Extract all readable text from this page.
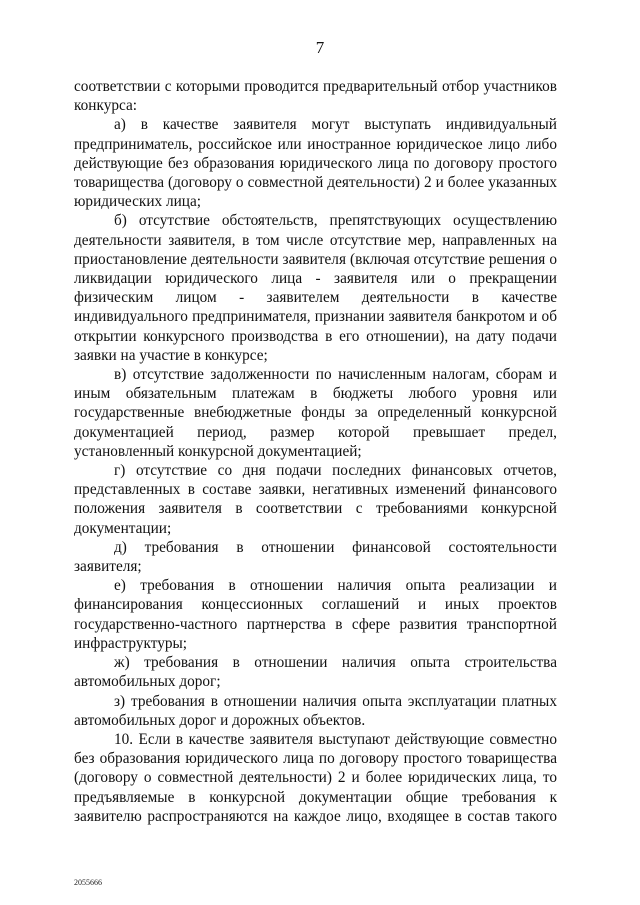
7

соответствии с которыми проводится предварительный отбор участников конкурса:

а) в качестве заявителя могут выступать индивидуальный предприниматель, российское или иностранное юридическое лицо либо действующие без образования юридического лица по договору простого товарищества (договору о совместной деятельности) 2 и более указанных юридических лица;

б) отсутствие обстоятельств, препятствующих осуществлению деятельности заявителя, в том числе отсутствие мер, направленных на приостановление деятельности заявителя (включая отсутствие решения о ликвидации юридического лица - заявителя или о прекращении физическим лицом - заявителем деятельности в качестве индивидуального предпринимателя, признании заявителя банкротом и об открытии конкурсного производства в его отношении), на дату подачи заявки на участие в конкурсе;

в) отсутствие задолженности по начисленным налогам, сборам и иным обязательным платежам в бюджеты любого уровня или государственные внебюджетные фонды за определенный конкурсной документацией период, размер которой превышает предел, установленный конкурсной документацией;

г) отсутствие со дня подачи последних финансовых отчетов, представленных в составе заявки, негативных изменений финансового положения заявителя в соответствии с требованиями конкурсной документации;

д) требования в отношении финансовой состоятельности заявителя;

е) требования в отношении наличия опыта реализации и финансирования концессионных соглашений и иных проектов государственно-частного партнерства в сфере развития транспортной инфраструктуры;

ж) требования в отношении наличия опыта строительства автомобильных дорог;

з) требования в отношении наличия опыта эксплуатации платных автомобильных дорог и дорожных объектов.

10. Если в качестве заявителя выступают действующие совместно без образования юридического лица по договору простого товарищества (договору о совместной деятельности) 2 и более юридических лица, то предъявляемые в конкурсной документации общие требования к заявителю распространяются на каждое лицо, входящее в состав такого

2055666
